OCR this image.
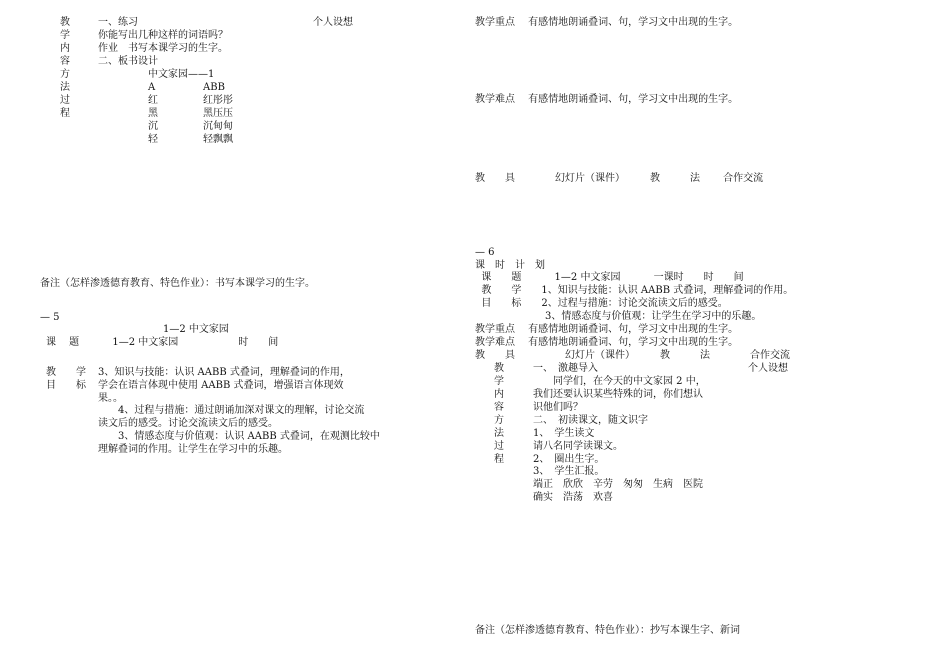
教
学
内
容
方
法
过
程
一、练习
你能写出几种这样的词语吗？
作业　书写本课学习的生字。
二、板书设计
个人设想
中文家园——1
A
红
黑
沉
轻
ABB
红彤彤
黑压压
沉甸甸
轻飘飘
备注（怎样渗透德育教育、特色作业）：书写本课学习的生字。
— 5
1—2 中文家园
课　 题　　　 1—2 中文家园　　　　　　时　　间
教　　学
目　　标
3、知识与技能：认识 AABB 式叠词，理解叠词的作用，
学会在语言体现中使用 AABB 式叠词，增强语言体现效
果。。
　　4、过程与措施：通过朗诵加深对课文的理解，讨论交流
读文后的感受。讨论交流读文后的感受。
　　3、情感态度与价值观：认识 AABB 式叠词，在观测比较中
理解叠词的作用。让学生在学习中的乐趣。
教学重点　 有感情地朗诵叠词、句，学习文中出现的生字。
教学难点　 有感情地朗诵叠词、句，学习文中出现的生字。
教　　具　　　　幻灯片（课件）　　　教　　　法　　 合作交流
— 6
课　时　计　划
课　　题　　　 1—2 中文家园　　　 一课时　　时　　间
教　　学　　1、知识与技能：认识 AABB 式叠词，理解叠词的作用。
目　　标　　2、过程与措施：讨论交流读文后的感受。
　　　　　　　3、情感态度与价值观：让学生在学习中的乐趣。
教学重点　 有感情地朗诵叠词、句，学习文中出现的生字。
教学难点　 有感情地朗诵叠词、句，学习文中出现的生字。
教　　具　　　　　幻灯片（课件）　　　教　　　法　　　　合作交流
教
学
内
容
方
法
过
程
一、　激趣导入
　　同学们，在今天的中文家园 2 中，
我们还要认识某些特殊的词，你们想认
识他们吗？
二、　初读课文，随文识字
1、　学生读文
请八名同学读课文。
2、　圈出生字。
3、　学生汇报。
端正　欣欣　辛劳　匆匆　生病　医院
确实　浩荡　欢喜
个人设想
备注（怎样渗透德育教育、特色作业）：抄写本课生字、新词
